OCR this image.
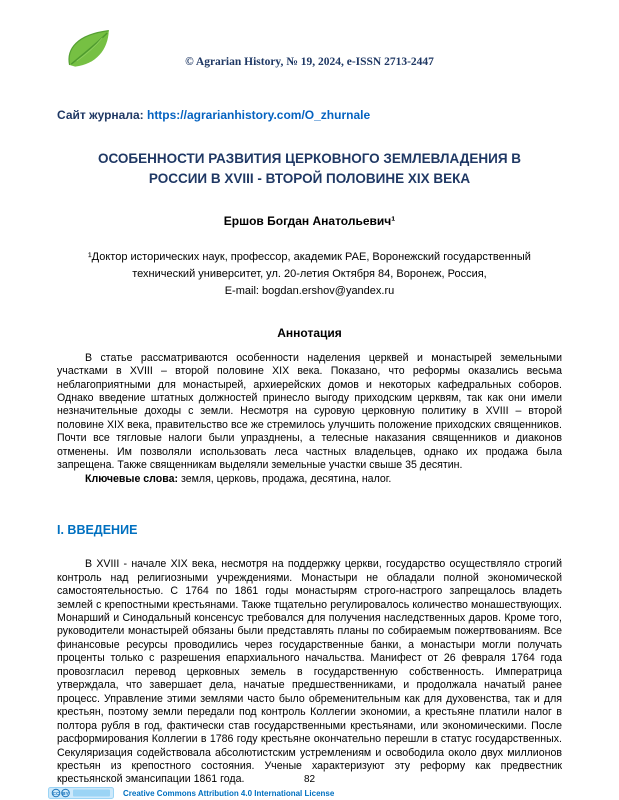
© Agrarian History, № 19, 2024, e-ISSN 2713-2447

Сайт журнала: https://agrarianhistory.com/O_zhurnale

ОСОБЕННОСТИ РАЗВИТИЯ ЦЕРКОВНОГО ЗЕМЛЕВЛАДЕНИЯ В РОССИИ В XVIII - ВТОРОЙ ПОЛОВИНЕ XIX ВЕКА
Ершов Богдан Анатольевич¹
¹Доктор исторических наук, профессор, академик РАЕ, Воронежский государственный технический университет, ул. 20-летия Октября 84, Воронеж, Россия,
E-mail: bogdan.ershov@yandex.ru
Аннотация

В статье рассматриваются особенности наделения церквей и монастырей земельными участками в XVIII – второй половине XIX века. Показано, что реформы оказались весьма неблагоприятными для монастырей, архиерейских домов и некоторых кафедральных соборов. Однако введение штатных должностей принесло выгоду приходским церквям, так как они имели незначительные доходы с земли. Несмотря на суровую церковную политику в XVIII – второй половине XIX века, правительство все же стремилось улучшить положение приходских священников. Почти все тягловые налоги были упразднены, а телесные наказания священников и диаконов отменены. Им позволяли использовать леса частных владельцев, однако их продажа была запрещена. Также священникам выделяли земельные участки свыше 35 десятин.

Ключевые слова: земля, церковь, продажа, десятина, налог.

I. ВВЕДЕНИЕ

В XVIII - начале XIX века, несмотря на поддержку церкви, государство осуществляло строгий контроль над религиозными учреждениями. Монастыри не обладали полной экономической самостоятельностью. С 1764 по 1861 годы монастырям строго-настрого запрещалось владеть землей с крепостными крестьянами. Также тщательно регулировалось количество монашествующих. Монарший и Синодальный консенсус требовался для получения наследственных даров. Кроме того, руководители монастырей обязаны были представлять планы по собираемым пожертвованиям. Все финансовые ресурсы проводились через государственные банки, а монастыри могли получать проценты только с разрешения епархиального начальства. Манифест от 26 февраля 1764 года провозгласил перевод церковных земель в государственную собственность. Императрица утверждала, что завершает дела, начатые предшественниками, и продолжала начатый ранее процесс. Управление этими землями часто было обременительным как для духовенства, так и для крестьян, поэтому земли передали под контроль Коллегии экономии, а крестьяне платили налог в полтора рубля в год, фактически став государственными крестьянами, или экономическими. После расформирования Коллегии в 1786 году крестьяне окончательно перешли в статус государственных. Секуляризация содействовала абсолютистским устремлениям и освободила около двух миллионов крестьян из крепостного состояния. Ученые характеризуют эту реформу как предвестник крестьянской эмансипации 1861 года.	82
CC BY	Creative Commons Attribution 4.0 International License
